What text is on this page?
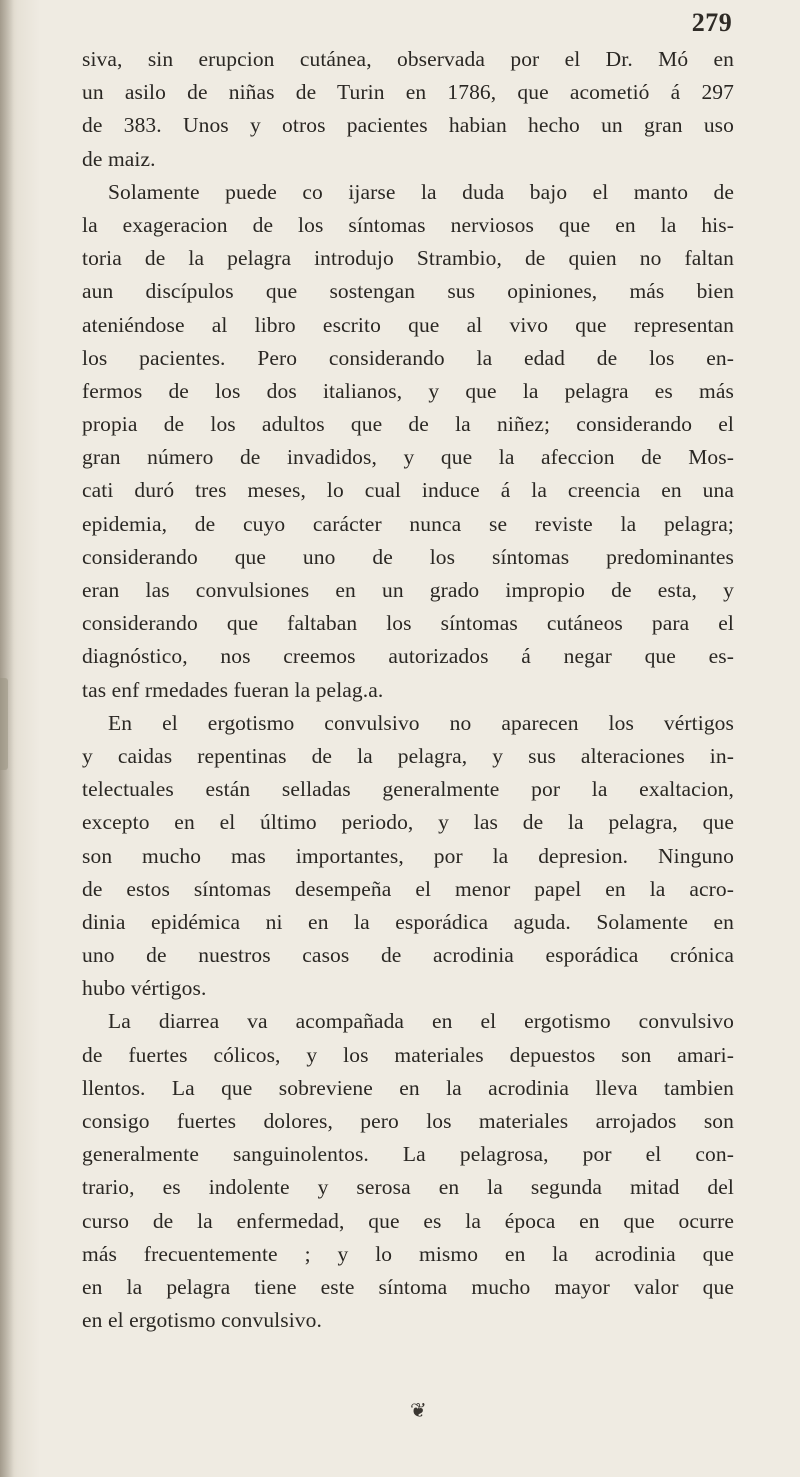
279
siva, sin erupcion cutánea, observada por el Dr. Mó en
un asilo de niñas de Turin en 1786, que acometió á 297
de 383. Unos y otros pacientes habian hecho un gran uso
de maiz.
Solamente puede co ijarse la duda bajo el manto de
la exageracion de los síntomas nerviosos que en la his-
toria de la pelagra introdujo Strambio, de quien no faltan
aun discípulos que sostengan sus opiniones, más bien
ateniéndose al libro escrito que al vivo que representan
los pacientes. Pero considerando la edad de los en-
fermos de los dos italianos, y que la pelagra es más
propia de los adultos que de la niñez; considerando el
gran número de invadidos, y que la afeccion de Mos-
cati duró tres meses, lo cual induce á la creencia en una
epidemia, de cuyo carácter nunca se reviste la pelagra;
considerando que uno de los síntomas predominantes
eran las convulsiones en un grado impropio de esta, y
considerando que faltaban los síntomas cutáneos para el
diagnóstico, nos creemos autorizados á negar que es-
tas enf rmedades fueran la pelag.a.
En el ergotismo convulsivo no aparecen los vértigos
y caidas repentinas de la pelagra, y sus alteraciones in-
telectuales están selladas generalmente por la exaltacion,
excepto en el último periodo, y las de la pelagra, que
son mucho mas importantes, por la depresion. Ninguno
de estos síntomas desempeña el menor papel en la acro-
dinia epidémica ni en la esporádica aguda. Solamente en
uno de nuestros casos de acrodinia esporádica crónica
hubo vértigos.
La diarrea va acompañada en el ergotismo convulsivo
de fuertes cólicos, y los materiales depuestos son amari-
llentos. La que sobreviene en la acrodinia lleva tambien
consigo fuertes dolores, pero los materiales arrojados son
generalmente sanguinolentos. La pelagrosa, por el con-
trario, es indolente y serosa en la segunda mitad del
curso de la enfermedad, que es la época en que ocurre
más frecuentemente ; y lo mismo en la acrodinia que
en la pelagra tiene este síntoma mucho mayor valor que
en el ergotismo convulsivo.
❦
